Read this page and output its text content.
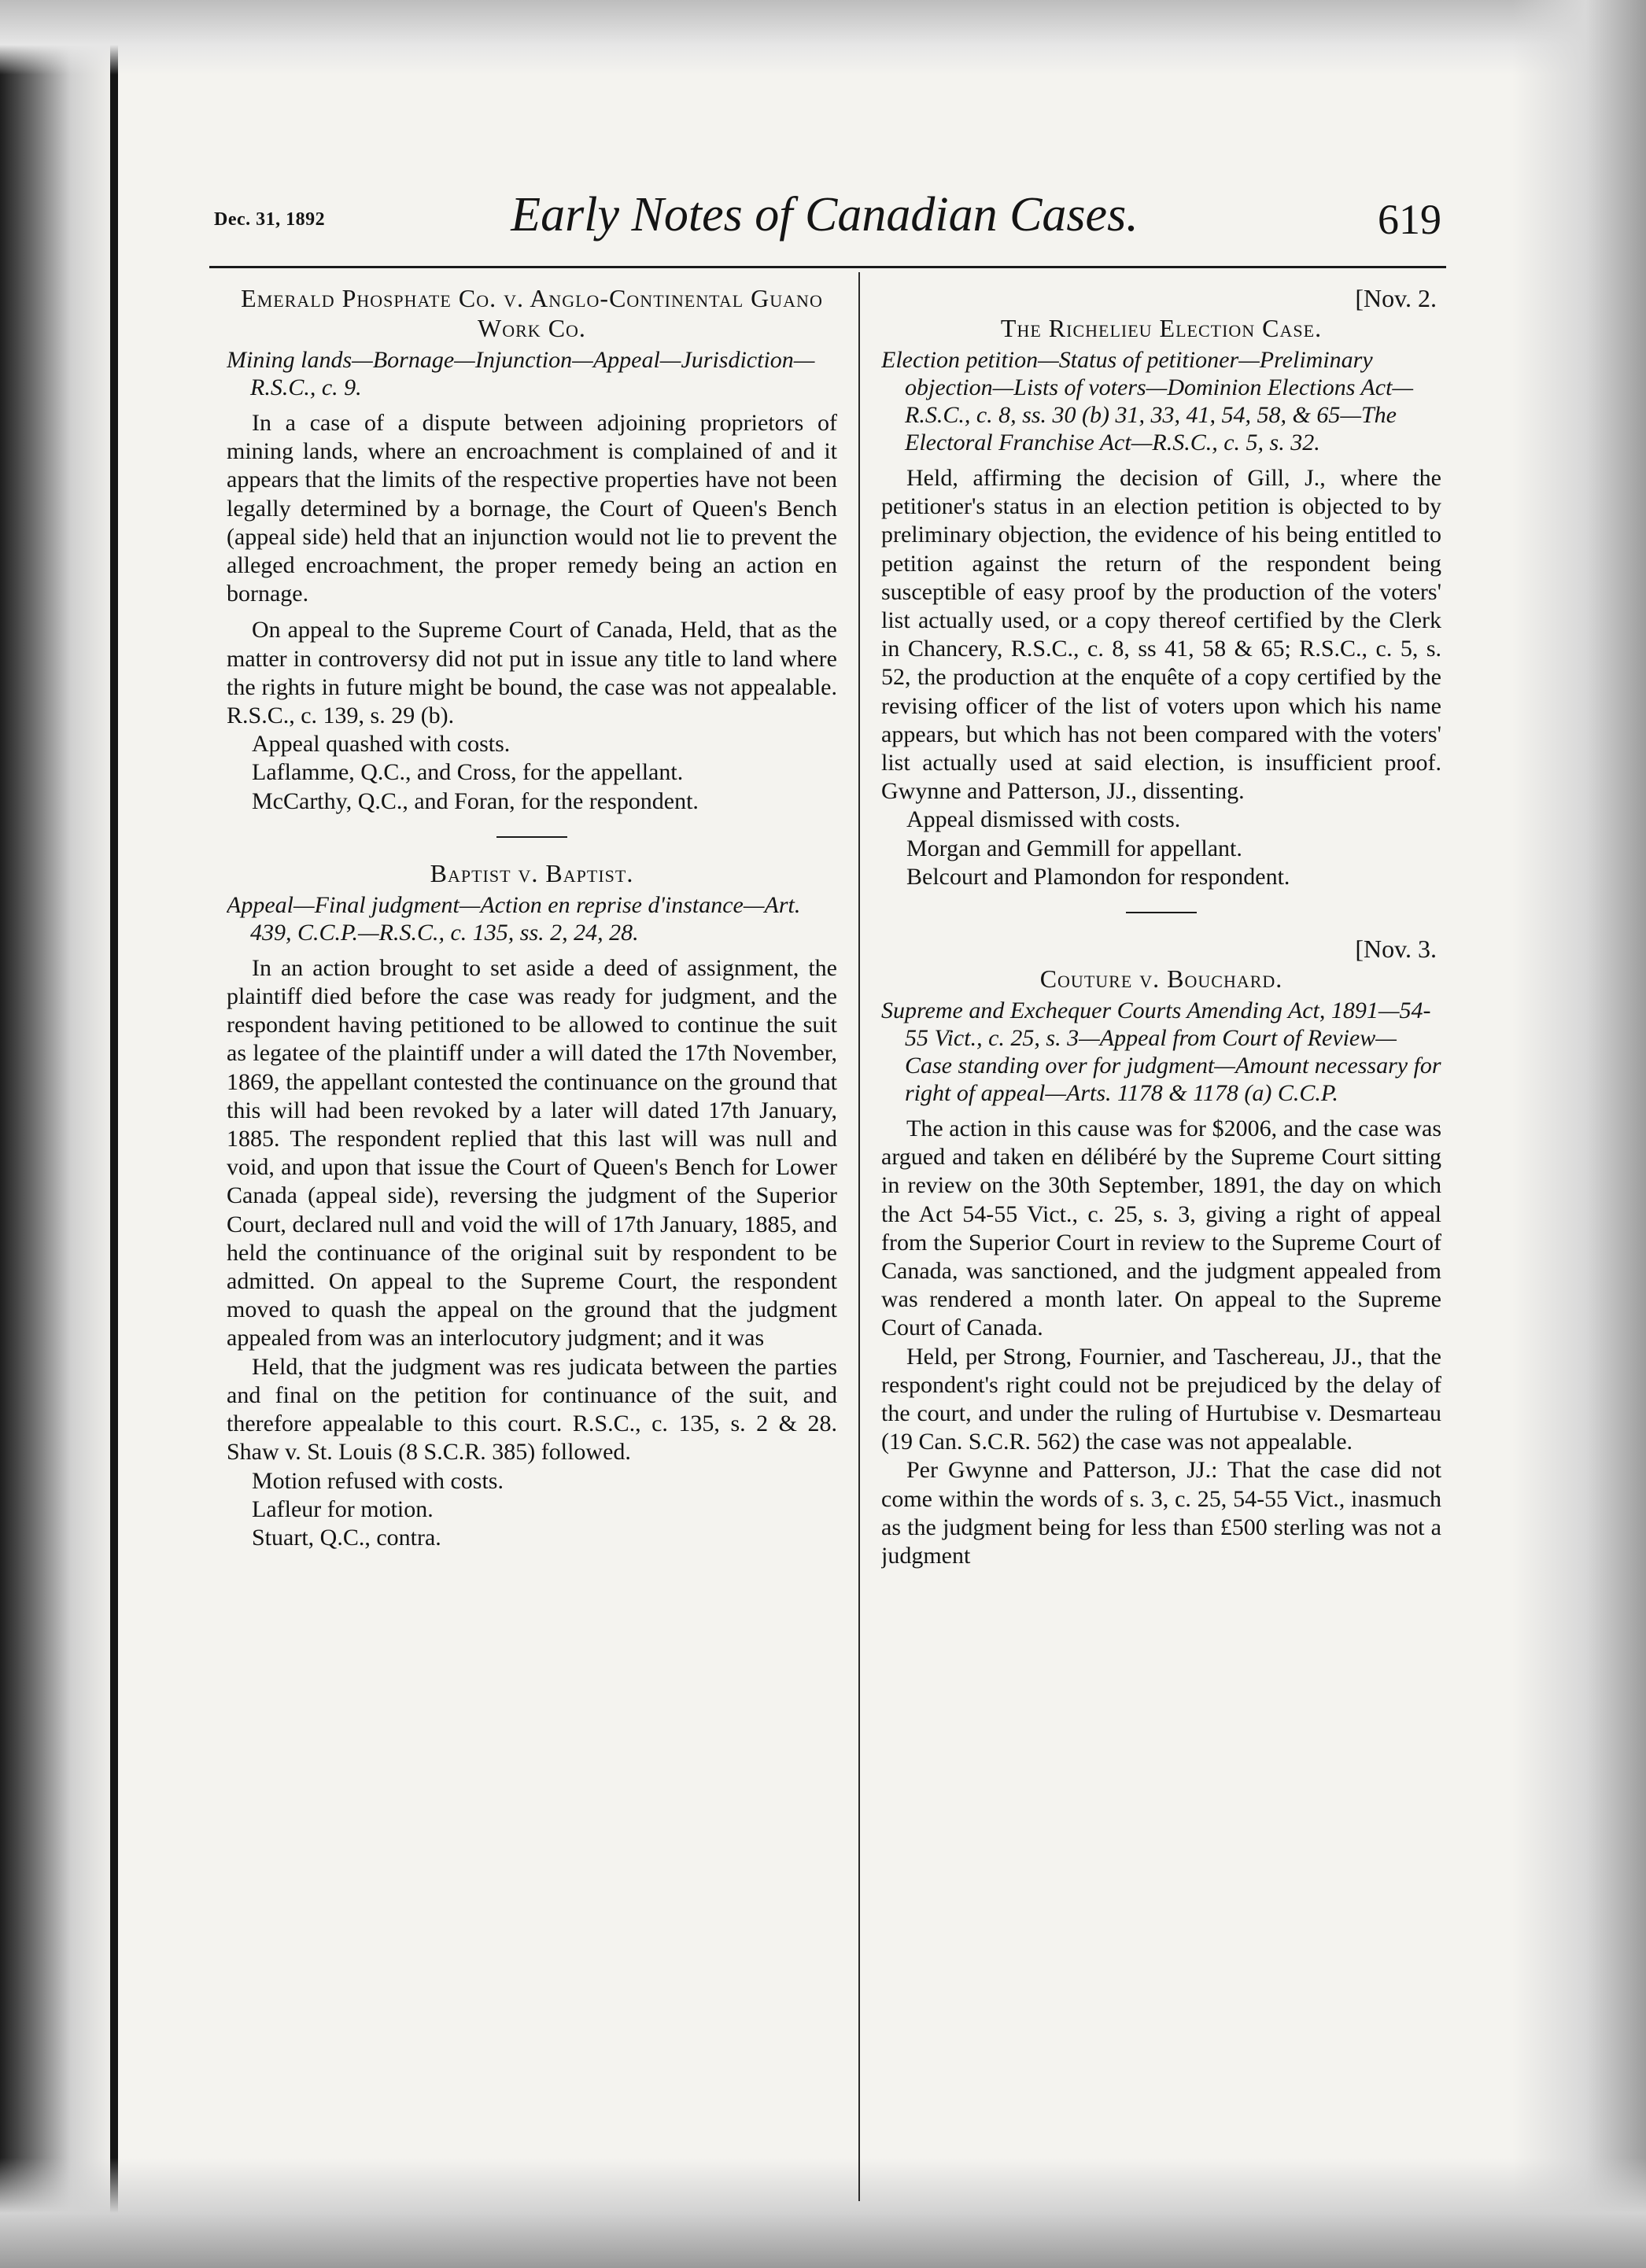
Dec. 31, 1892	Early Notes of Canadian Cases.	619

Emerald Phosphate Co. v. Anglo-Continental Guano Work Co.

Mining lands—Bornage—Injunction—Appeal—Jurisdiction—R.S.C., c. 9.

In a case of a dispute between adjoining proprietors of mining lands, where an encroachment is complained of and it appears that the limits of the respective properties have not been legally determined by a bornage, the Court of Queen's Bench (appeal side) held that an injunction would not lie to prevent the alleged encroachment, the proper remedy being an action en bornage.

On appeal to the Supreme Court of Canada, Held, that as the matter in controversy did not put in issue any title to land where the rights in future might be bound, the case was not appealable. R.S.C., c. 139, s. 29 (b).

Appeal quashed with costs.

Laflamme, Q.C., and Cross, for the appellant.

McCarthy, Q.C., and Foran, for the respondent.

Baptist v. Baptist.

Appeal—Final judgment—Action en reprise d'instance—Art. 439, C.C.P.—R.S.C., c. 135, ss. 2, 24, 28.

In an action brought to set aside a deed of assignment, the plaintiff died before the case was ready for judgment, and the respondent having petitioned to be allowed to continue the suit as legatee of the plaintiff under a will dated the 17th November, 1869, the appellant contested the continuance on the ground that this will had been revoked by a later will dated 17th January, 1885. The respondent replied that this last will was null and void, and upon that issue the Court of Queen's Bench for Lower Canada (appeal side), reversing the judgment of the Superior Court, declared null and void the will of 17th January, 1885, and held the continuance of the original suit by respondent to be admitted. On appeal to the Supreme Court, the respondent moved to quash the appeal on the ground that the judgment appealed from was an interlocutory judgment; and it was

Held, that the judgment was res judicata between the parties and final on the petition for continuance of the suit, and therefore appealable to this court. R.S.C., c. 135, s. 2 & 28. Shaw v. St. Louis (8 S.C.R. 385) followed.

Motion refused with costs.

Lafleur for motion.

Stuart, Q.C., contra.

[Nov. 2.

The Richelieu Election Case.

Election petition—Status of petitioner—Preliminary objection—Lists of voters—Dominion Elections Act—R.S.C., c. 8, ss. 30 (b) 31, 33, 41, 54, 58, & 65—The Electoral Franchise Act—R.S.C., c. 5, s. 32.

Held, affirming the decision of Gill, J., where the petitioner's status in an election petition is objected to by preliminary objection, the evidence of his being entitled to petition against the return of the respondent being susceptible of easy proof by the production of the voters' list actually used, or a copy thereof certified by the Clerk in Chancery, R.S.C., c. 8, ss 41, 58 & 65; R.S.C., c. 5, s. 52, the production at the enquête of a copy certified by the revising officer of the list of voters upon which his name appears, but which has not been compared with the voters' list actually used at said election, is insufficient proof. Gwynne and Patterson, JJ., dissenting.

Appeal dismissed with costs.

Morgan and Gemmill for appellant.

Belcourt and Plamondon for respondent.

[Nov. 3.

Couture v. Bouchard.

Supreme and Exchequer Courts Amending Act, 1891—54-55 Vict., c. 25, s. 3—Appeal from Court of Review—Case standing over for judgment—Amount necessary for right of appeal—Arts. 1178 & 1178 (a) C.C.P.

The action in this cause was for $2006, and the case was argued and taken en délibéré by the Supreme Court sitting in review on the 30th September, 1891, the day on which the Act 54-55 Vict., c. 25, s. 3, giving a right of appeal from the Superior Court in review to the Supreme Court of Canada, was sanctioned, and the judgment appealed from was rendered a month later. On appeal to the Supreme Court of Canada.

Held, per Strong, Fournier, and Taschereau, JJ., that the respondent's right could not be prejudiced by the delay of the court, and under the ruling of Hurtubise v. Desmarteau (19 Can. S.C.R. 562) the case was not appealable.

Per Gwynne and Patterson, JJ.: That the case did not come within the words of s. 3, c. 25, 54-55 Vict., inasmuch as the judgment being for less than £500 sterling was not a judgment
